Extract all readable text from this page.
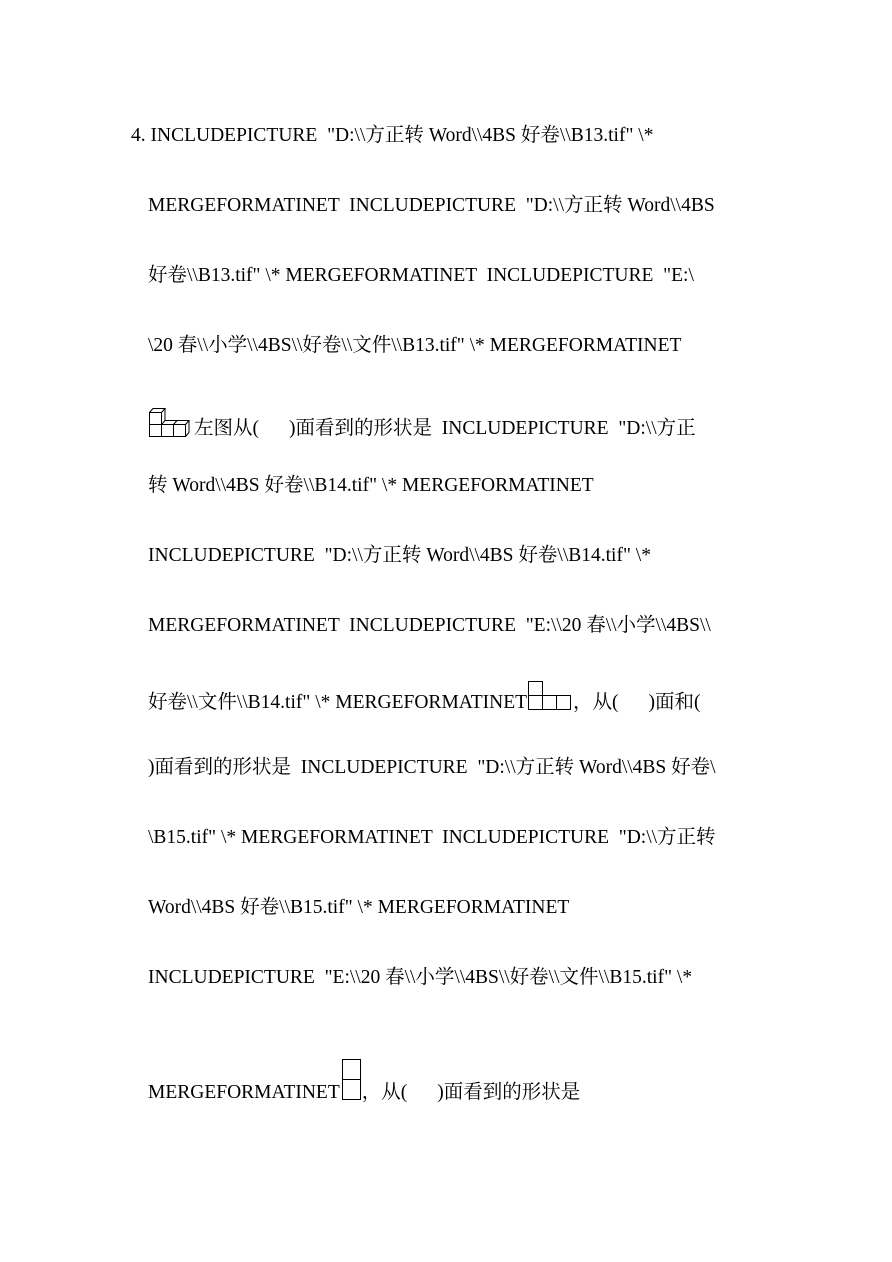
4. INCLUDEPICTURE  "D:\\方正转 Word\\4BS 好卷\\B13.tif" \*
MERGEFORMATINET  INCLUDEPICTURE  "D:\\方正转 Word\\4BS
好卷\\B13.tif" \* MERGEFORMATINET  INCLUDEPICTURE  "E:\
\20 春\\小学\\4BS\\好卷\\文件\\B13.tif" \* MERGEFORMATINET
左图从( )面看到的形状是  INCLUDEPICTURE  "D:\\方正
转 Word\\4BS 好卷\\B14.tif" \* MERGEFORMATINET
INCLUDEPICTURE  "D:\\方正转 Word\\4BS 好卷\\B14.tif" \*
MERGEFORMATINET  INCLUDEPICTURE  "E:\\20 春\\小学\\4BS\\
好卷\\文件\\B14.tif" \* MERGEFORMATINET ，从( )面和(
)面看到的形状是  INCLUDEPICTURE  "D:\\方正转 Word\\4BS 好卷\
\B15.tif" \* MERGEFORMATINET  INCLUDEPICTURE  "D:\\方正转
Word\\4BS 好卷\\B15.tif" \* MERGEFORMATINET
INCLUDEPICTURE  "E:\\20 春\\小学\\4BS\\好卷\\文件\\B15.tif" \*
MERGEFORMATINET ，从( )面看到的形状是
